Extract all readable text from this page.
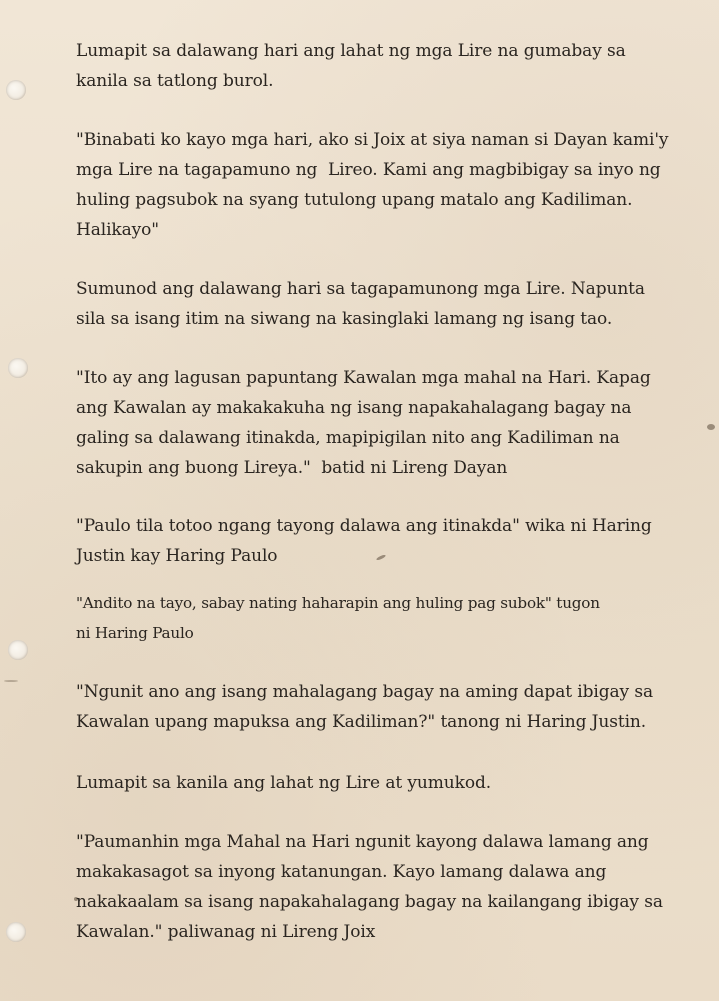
Lumapit sa dalawang hari ang lahat ng mga Lire na gumabay sa
kanila sa tatlong burol.

"Binabati ko kayo mga hari, ako si Joix at siya naman si Dayan kami'y
mga Lire na tagapamuno ng  Lireo. Kami ang magbibigay sa inyo ng
huling pagsubok na syang tutulong upang matalo ang Kadiliman.
Halikayo"

Sumunod ang dalawang hari sa tagapamunong mga Lire. Napunta
sila sa isang itim na siwang na kasinglaki lamang ng isang tao.

"Ito ay ang lagusan papuntang Kawalan mga mahal na Hari. Kapag
ang Kawalan ay makakakuha ng isang napakahalagang bagay na
galing sa dalawang itinakda, mapipigilan nito ang Kadiliman na
sakupin ang buong Lireya."  batid ni Lireng Dayan

"Paulo tila totoo ngang tayong dalawa ang itinakda" wika ni Haring
Justin kay Haring Paulo

"Andito na tayo, sabay nating haharapin ang huling pag subok" tugon
ni Haring Paulo

"Ngunit ano ang isang mahalagang bagay na aming dapat ibigay sa
Kawalan upang mapuksa ang Kadiliman?" tanong ni Haring Justin.

Lumapit sa kanila ang lahat ng Lire at yumukod.

"Paumanhin mga Mahal na Hari ngunit kayong dalawa lamang ang
makakasagot sa inyong katanungan. Kayo lamang dalawa ang
nakakaalam sa isang napakahalagang bagay na kailangang ibigay sa
Kawalan." paliwanag ni Lireng Joix
